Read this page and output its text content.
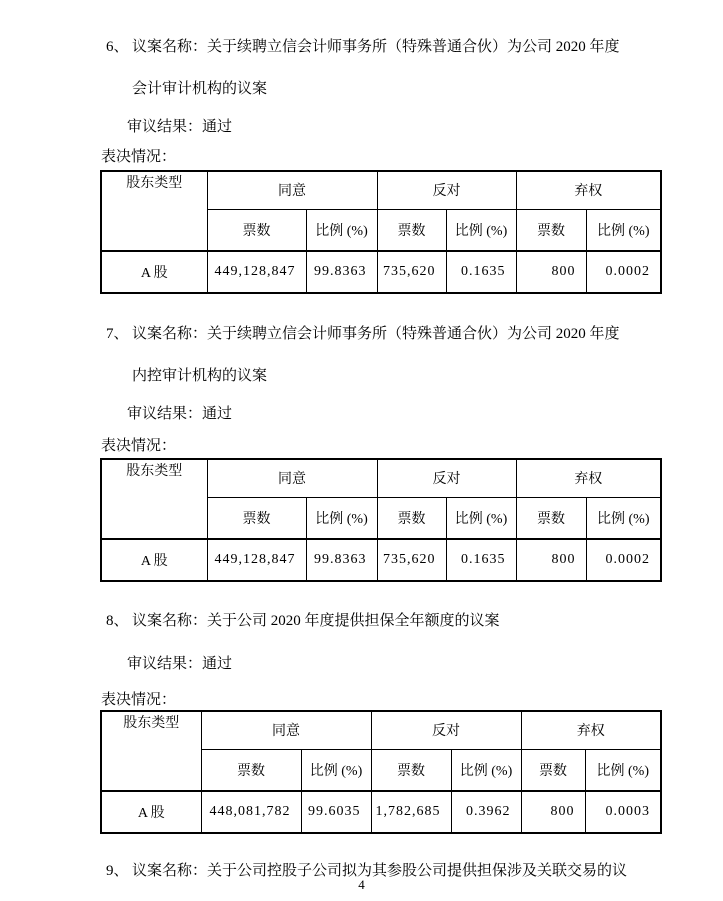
6、 议案名称：关于续聘立信会计师事务所（特殊普通合伙）为公司 2020 年度
会计审计机构的议案
审议结果：通过
表决情况：
股东类型	同意		反对		弃权	
	票数	比例 (%)	票数	比例 (%)	票数	比例 (%)
A 股	449,128,847	99.8363	735,620	0.1635	800	0.0002
7、 议案名称：关于续聘立信会计师事务所（特殊普通合伙）为公司 2020 年度
内控审计机构的议案
审议结果：通过
表决情况：
股东类型	同意		反对		弃权	
	票数	比例 (%)	票数	比例 (%)	票数	比例 (%)
A 股	449,128,847	99.8363	735,620	0.1635	800	0.0002
8、 议案名称：关于公司 2020 年度提供担保全年额度的议案
审议结果：通过
表决情况：
股东类型	同意		反对		弃权	
	票数	比例 (%)	票数	比例 (%)	票数	比例 (%)
A 股	448,081,782	99.6035	1,782,685	0.3962	800	0.0003
9、 议案名称：关于公司控股子公司拟为其参股公司提供担保涉及关联交易的议
4
